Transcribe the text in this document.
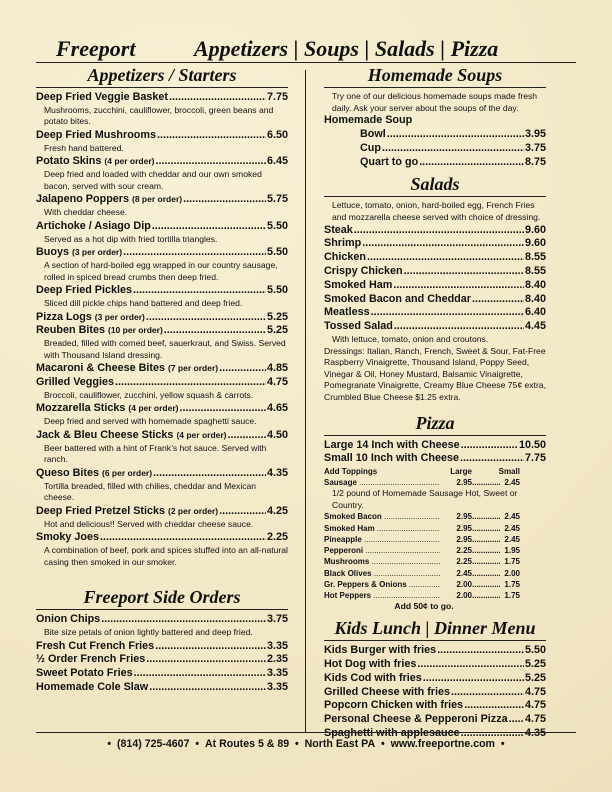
Freeport	Appetizers | Soups | Salads | Pizza
Appetizers / Starters
Deep Fried Veggie Basket .....	7.75
Mushrooms, zucchini, cauliflower, broccoli, green beans and potato bites.
Deep Fried Mushrooms .....	6.50
Fresh hand battered.
Potato Skins (4 per order) .....	6.45
Deep fried and loaded with cheddar and our own smoked bacon, served with sour cream.
Jalapeno Poppers (8 per order) .....	5.75
With cheddar cheese.
Artichoke / Asiago Dip .....	5.50
Served as a hot dip with fried tortilla triangles.
Buoys (3 per order) .....	5.50
A section of hard-boiled egg wrapped in our country sausage, rolled in spiced bread crumbs then deep fried.
Deep Fried Pickles .....	5.50
Sliced dill pickle chips hand battered and deep fried.
Pizza Logs (3 per order) .....	5.25
Reuben Bites (10 per order) .....	5.25
Breaded, filled with corned beef, sauerkraut, and Swiss. Served with Thousand Island dressing.
Macaroni & Cheese Bites (7 per order) .....	4.85
Grilled Veggies .....	4.75
Broccoli, cauliflower, zucchini, yellow squash & carrots.
Mozzarella Sticks (4 per order) .....	4.65
Deep fried and served with homemade spaghetti sauce.
Jack & Bleu Cheese Sticks (4 per order) .....	4.50
Beer battered with a hint of Frank’s hot sauce. Served with ranch.
Queso Bites (6 per order) .....	4.35
Tortilla breaded, filled with chilies, cheddar and Mexican cheese.
Deep Fried Pretzel Sticks (2 per order) .....	4.25
Hot and delicious!! Served with cheddar cheese sauce.
Smoky Joes .....	2.25
A combination of beef, pork and spices stuffed into an all-natural casing then smoked in our smoker.
Freeport Side Orders
Onion Chips .....	3.75
Bite size petals of onion lightly battered and deep fried.
Fresh Cut French Fries .....	3.35
½ Order French Fries .....	2.35
Sweet Potato Fries .....	3.35
Homemade Cole Slaw .....	3.35
Homemade Soups
Try one of our delicious homemade soups made fresh daily. Ask your server about the soups of the day.
Homemade Soup
Bowl .....	3.95
Cup .....	3.75
Quart to go .....	8.75
Salads
Lettuce, tomato, onion, hard-boiled egg, French Fries and mozzarella cheese served with choice of dressing.
Steak .....	9.60
Shrimp .....	9.60
Chicken .....	8.55
Crispy Chicken .....	8.55
Smoked Ham .....	8.40
Smoked Bacon and Cheddar .....	8.40
Meatless .....	6.40
Tossed Salad .....	4.45
With lettuce, tomato, onion and croutons.
Dressings: Italian, Ranch, French, Sweet & Sour, Fat-Free Raspberry Vinaigrette, Thousand Island, Poppy Seed, Vinegar & Oil, Honey Mustard, Balsamic Vinaigrette, Pomegranate Vinaigrette, Creamy Blue Cheese 75¢ extra, Crumbled Blue Cheese $1.25 extra.
Pizza
Large 14 Inch with Cheese .....	10.50
Small 10 Inch with Cheese .....	7.75
Add Toppings	Large	Small
Sausage .....	2.95 .....	2.45
1/2 pound of Homemade Sausage Hot, Sweet or Country.
Smoked Bacon .....	2.95 .....	2.45
Smoked Ham .....	2.95 .....	2.45
Pineapple .....	2.95 .....	2.45
Pepperoni .....	2.25 .....	1.95
Mushrooms .....	2.25 .....	1.75
Black Olives .....	2.45 .....	2.00
Gr. Peppers & Onions .....	2.00 .....	1.75
Hot Peppers .....	2.00 .....	1.75
Add 50¢ to go.
Kids Lunch | Dinner Menu
Kids Burger with fries .....	5.50
Hot Dog with fries .....	5.25
Kids Cod with fries .....	5.25
Grilled Cheese with fries .....	4.75
Popcorn Chicken with fries .....	4.75
Personal Cheese & Pepperoni Pizza ..... 4.75
Spaghetti with applesauce .....	4.35
• (814) 725-4607 • At Routes 5 & 89 • North East PA • www.freeportne.com •
